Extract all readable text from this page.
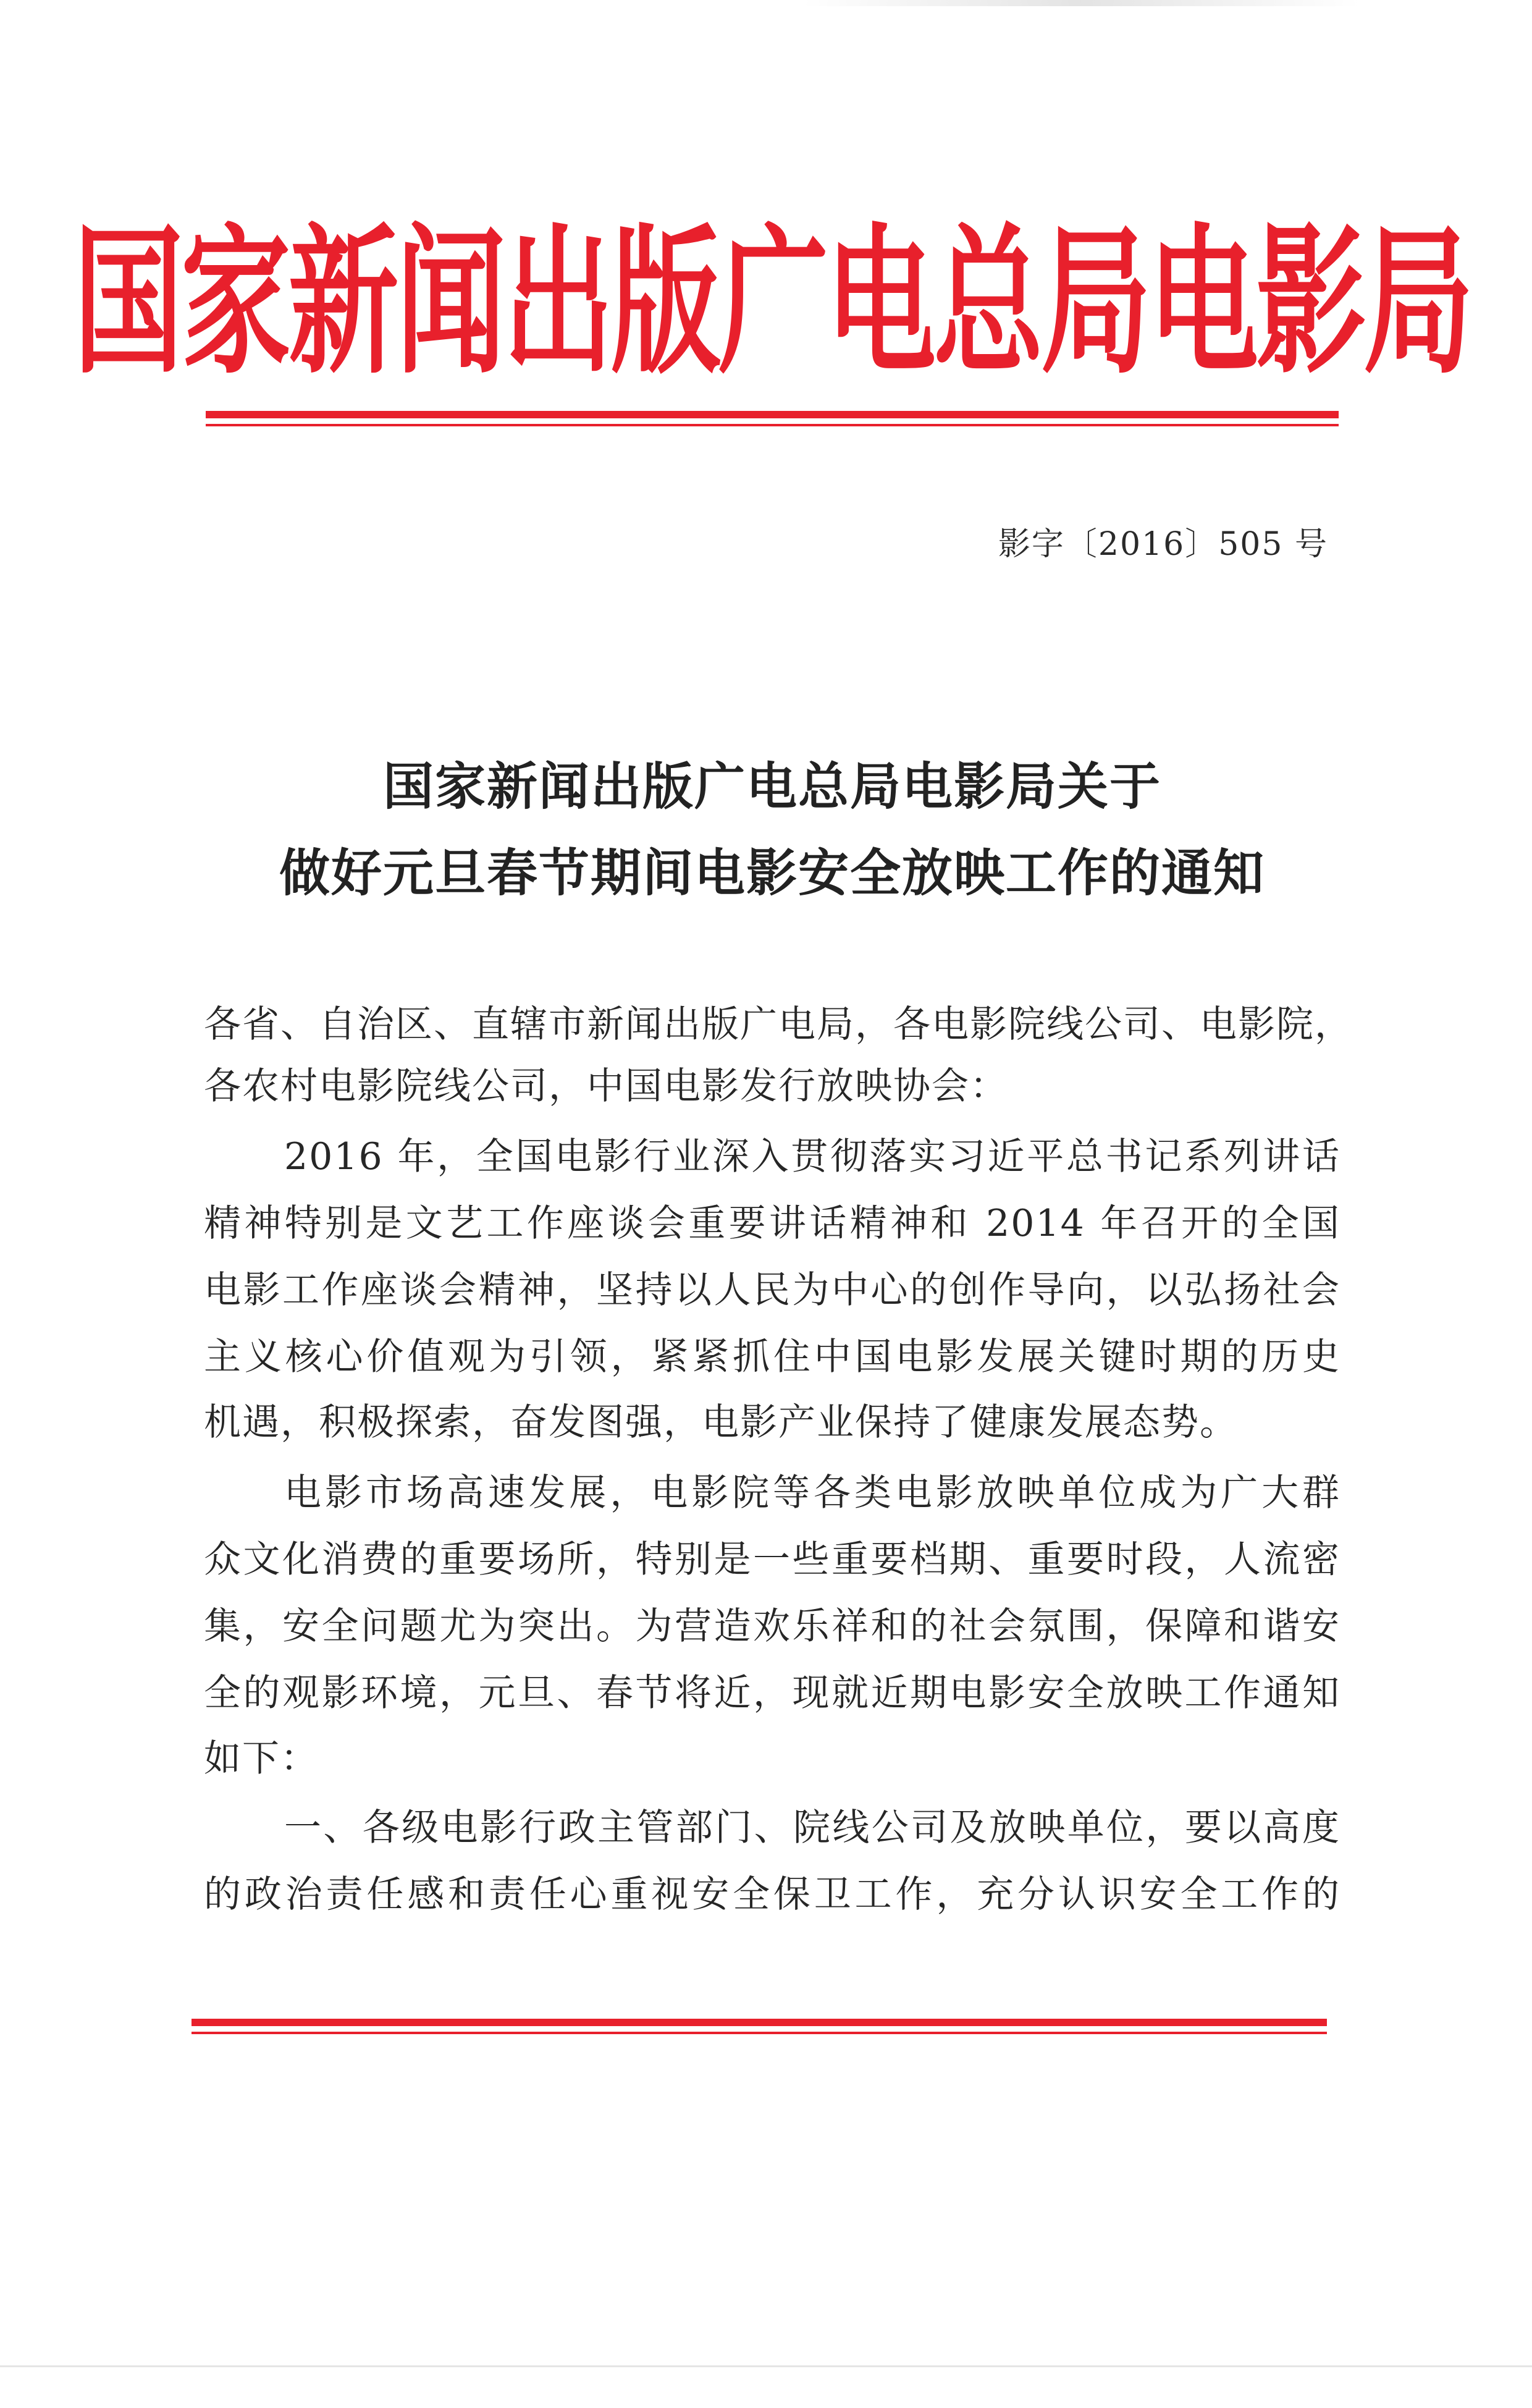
国家新闻出版广电总局电影局
影字〔2016〕505 号
国家新闻出版广电总局电影局关于
做好元旦春节期间电影安全放映工作的通知
各省、自治区、直辖市新闻出版广电局，各电影院线公司、电影院，
各农村电影院线公司，中国电影发行放映协会：
2016 年，全国电影行业深入贯彻落实习近平总书记系列讲话
精神特别是文艺工作座谈会重要讲话精神和 2014 年召开的全国
电影工作座谈会精神，坚持以人民为中心的创作导向，以弘扬社会
主义核心价值观为引领，紧紧抓住中国电影发展关键时期的历史
机遇，积极探索，奋发图强，电影产业保持了健康发展态势。
电影市场高速发展，电影院等各类电影放映单位成为广大群
众文化消费的重要场所，特别是一些重要档期、重要时段，人流密
集，安全问题尤为突出。为营造欢乐祥和的社会氛围，保障和谐安
全的观影环境，元旦、春节将近，现就近期电影安全放映工作通知
如下：
一、各级电影行政主管部门、院线公司及放映单位，要以高度
的政治责任感和责任心重视安全保卫工作，充分认识安全工作的
